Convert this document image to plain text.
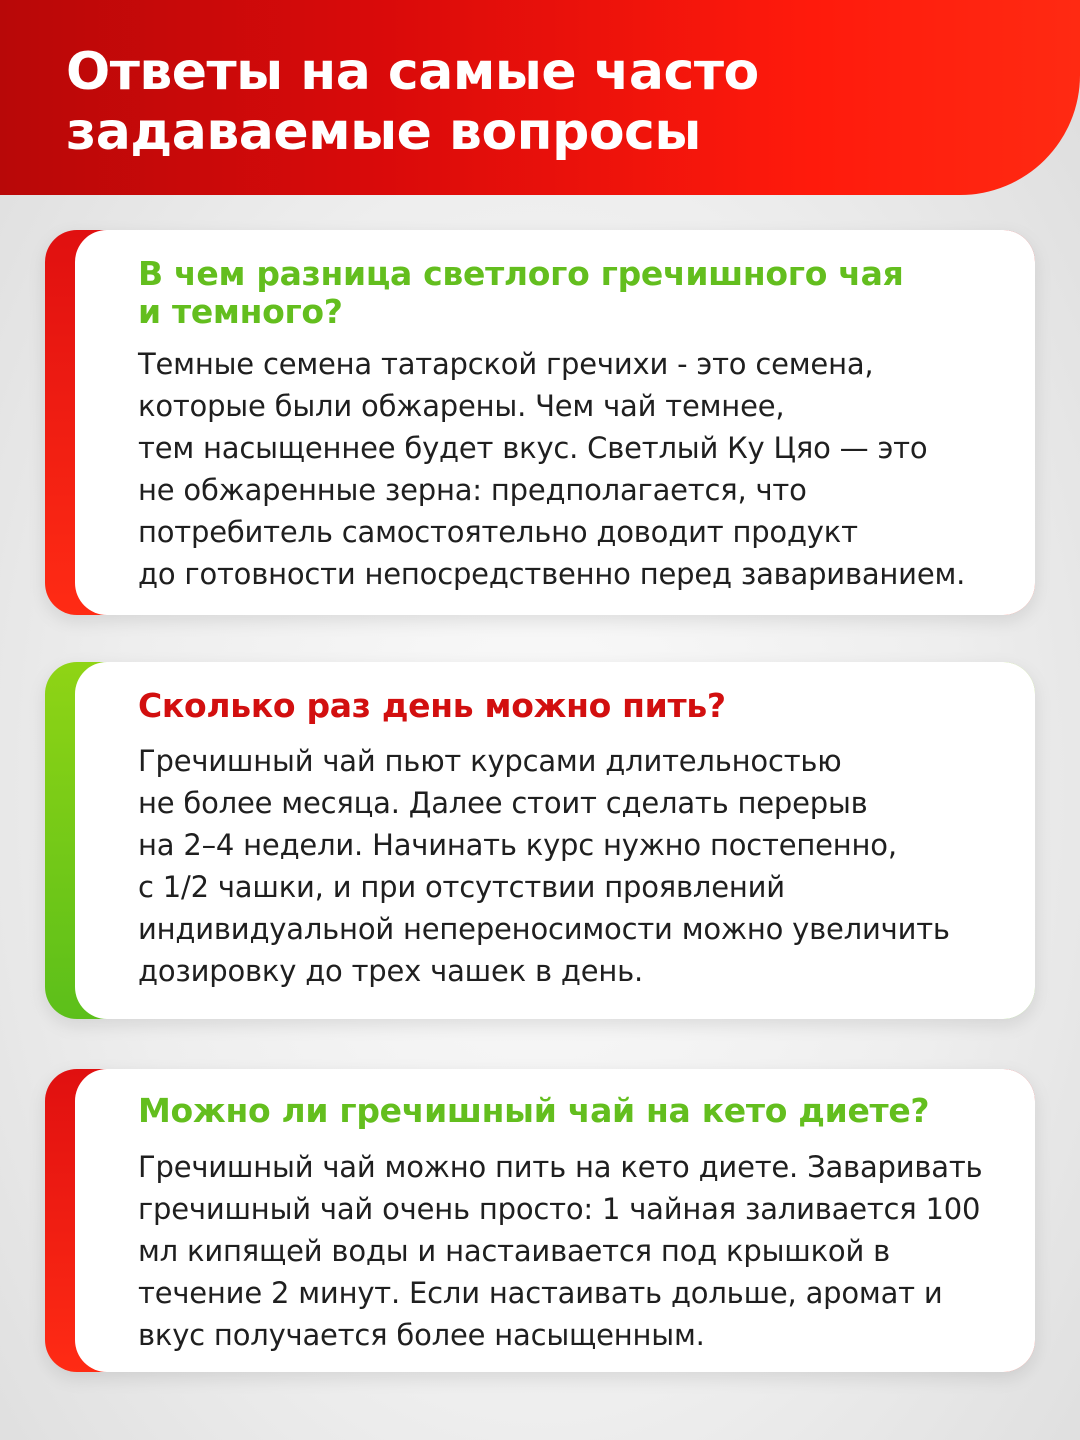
Ответы на самые часто задаваемые вопросы
В чем разница светлого гречишного чая
и темного?

Темные семена татарской гречихи - это семена,
которые были обжарены. Чем чай темнее,
тем насыщеннее будет вкус. Светлый Ку Цяо — это
не обжаренные зерна: предполагается, что
потребитель самостоятельно доводит продукт
до готовности непосредственно перед завариванием.

Сколько раз день можно пить?

Гречишный чай пьют курсами длительностью
не более месяца. Далее стоит сделать перерыв
на 2–4 недели. Начинать курс нужно постепенно,
с 1/2 чашки, и при отсутствии проявлений
индивидуальной непереносимости можно увеличить
дозировку до трех чашек в день.

Можно ли гречишный чай на кето диете?

Гречишный чай можно пить на кето диете. Заваривать
гречишный чай очень просто: 1 чайная заливается 100
мл кипящей воды и настаивается под крышкой в
течение 2 минут. Если настаивать дольше, аромат и
вкус получается более насыщенным.
